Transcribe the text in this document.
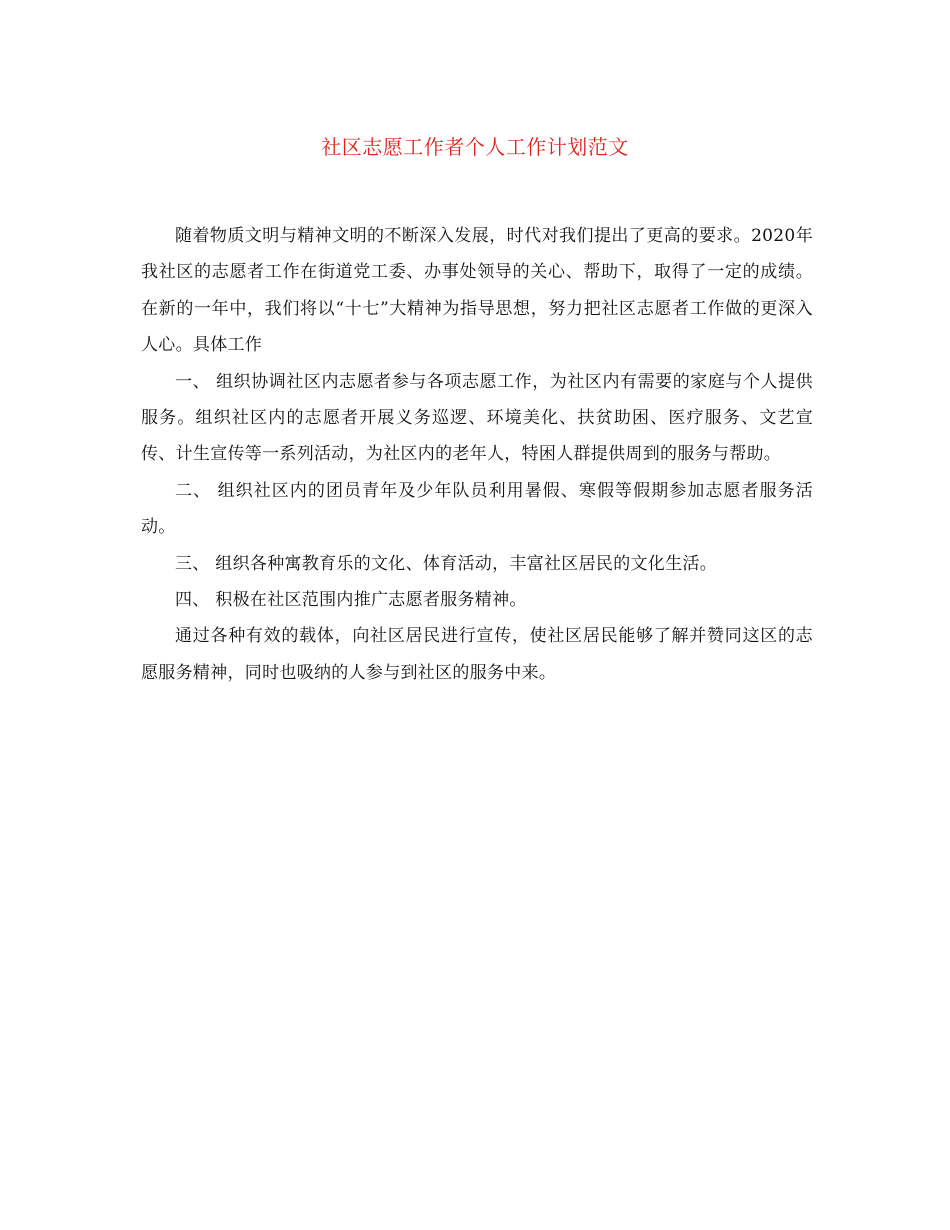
社区志愿工作者个人工作计划范文

随着物质文明与精神文明的不断深入发展，时代对我们提出了更高的要求。2020年我社区的志愿者工作在街道党工委、办事处领导的关心、帮助下，取得了一定的成绩。在新的一年中，我们将以“十七”大精神为指导思想，努力把社区志愿者工作做的更深入人心。具体工作

一、 组织协调社区内志愿者参与各项志愿工作，为社区内有需要的家庭与个人提供服务。组织社区内的志愿者开展义务巡逻、环境美化、扶贫助困、医疗服务、文艺宣传、计生宣传等一系列活动，为社区内的老年人，特困人群提供周到的服务与帮助。

二、 组织社区内的团员青年及少年队员利用暑假、寒假等假期参加志愿者服务活动。

三、 组织各种寓教育乐的文化、体育活动，丰富社区居民的文化生活。

四、 积极在社区范围内推广志愿者服务精神。

通过各种有效的载体，向社区居民进行宣传，使社区居民能够了解并赞同这区的志愿服务精神，同时也吸纳的人参与到社区的服务中来。
